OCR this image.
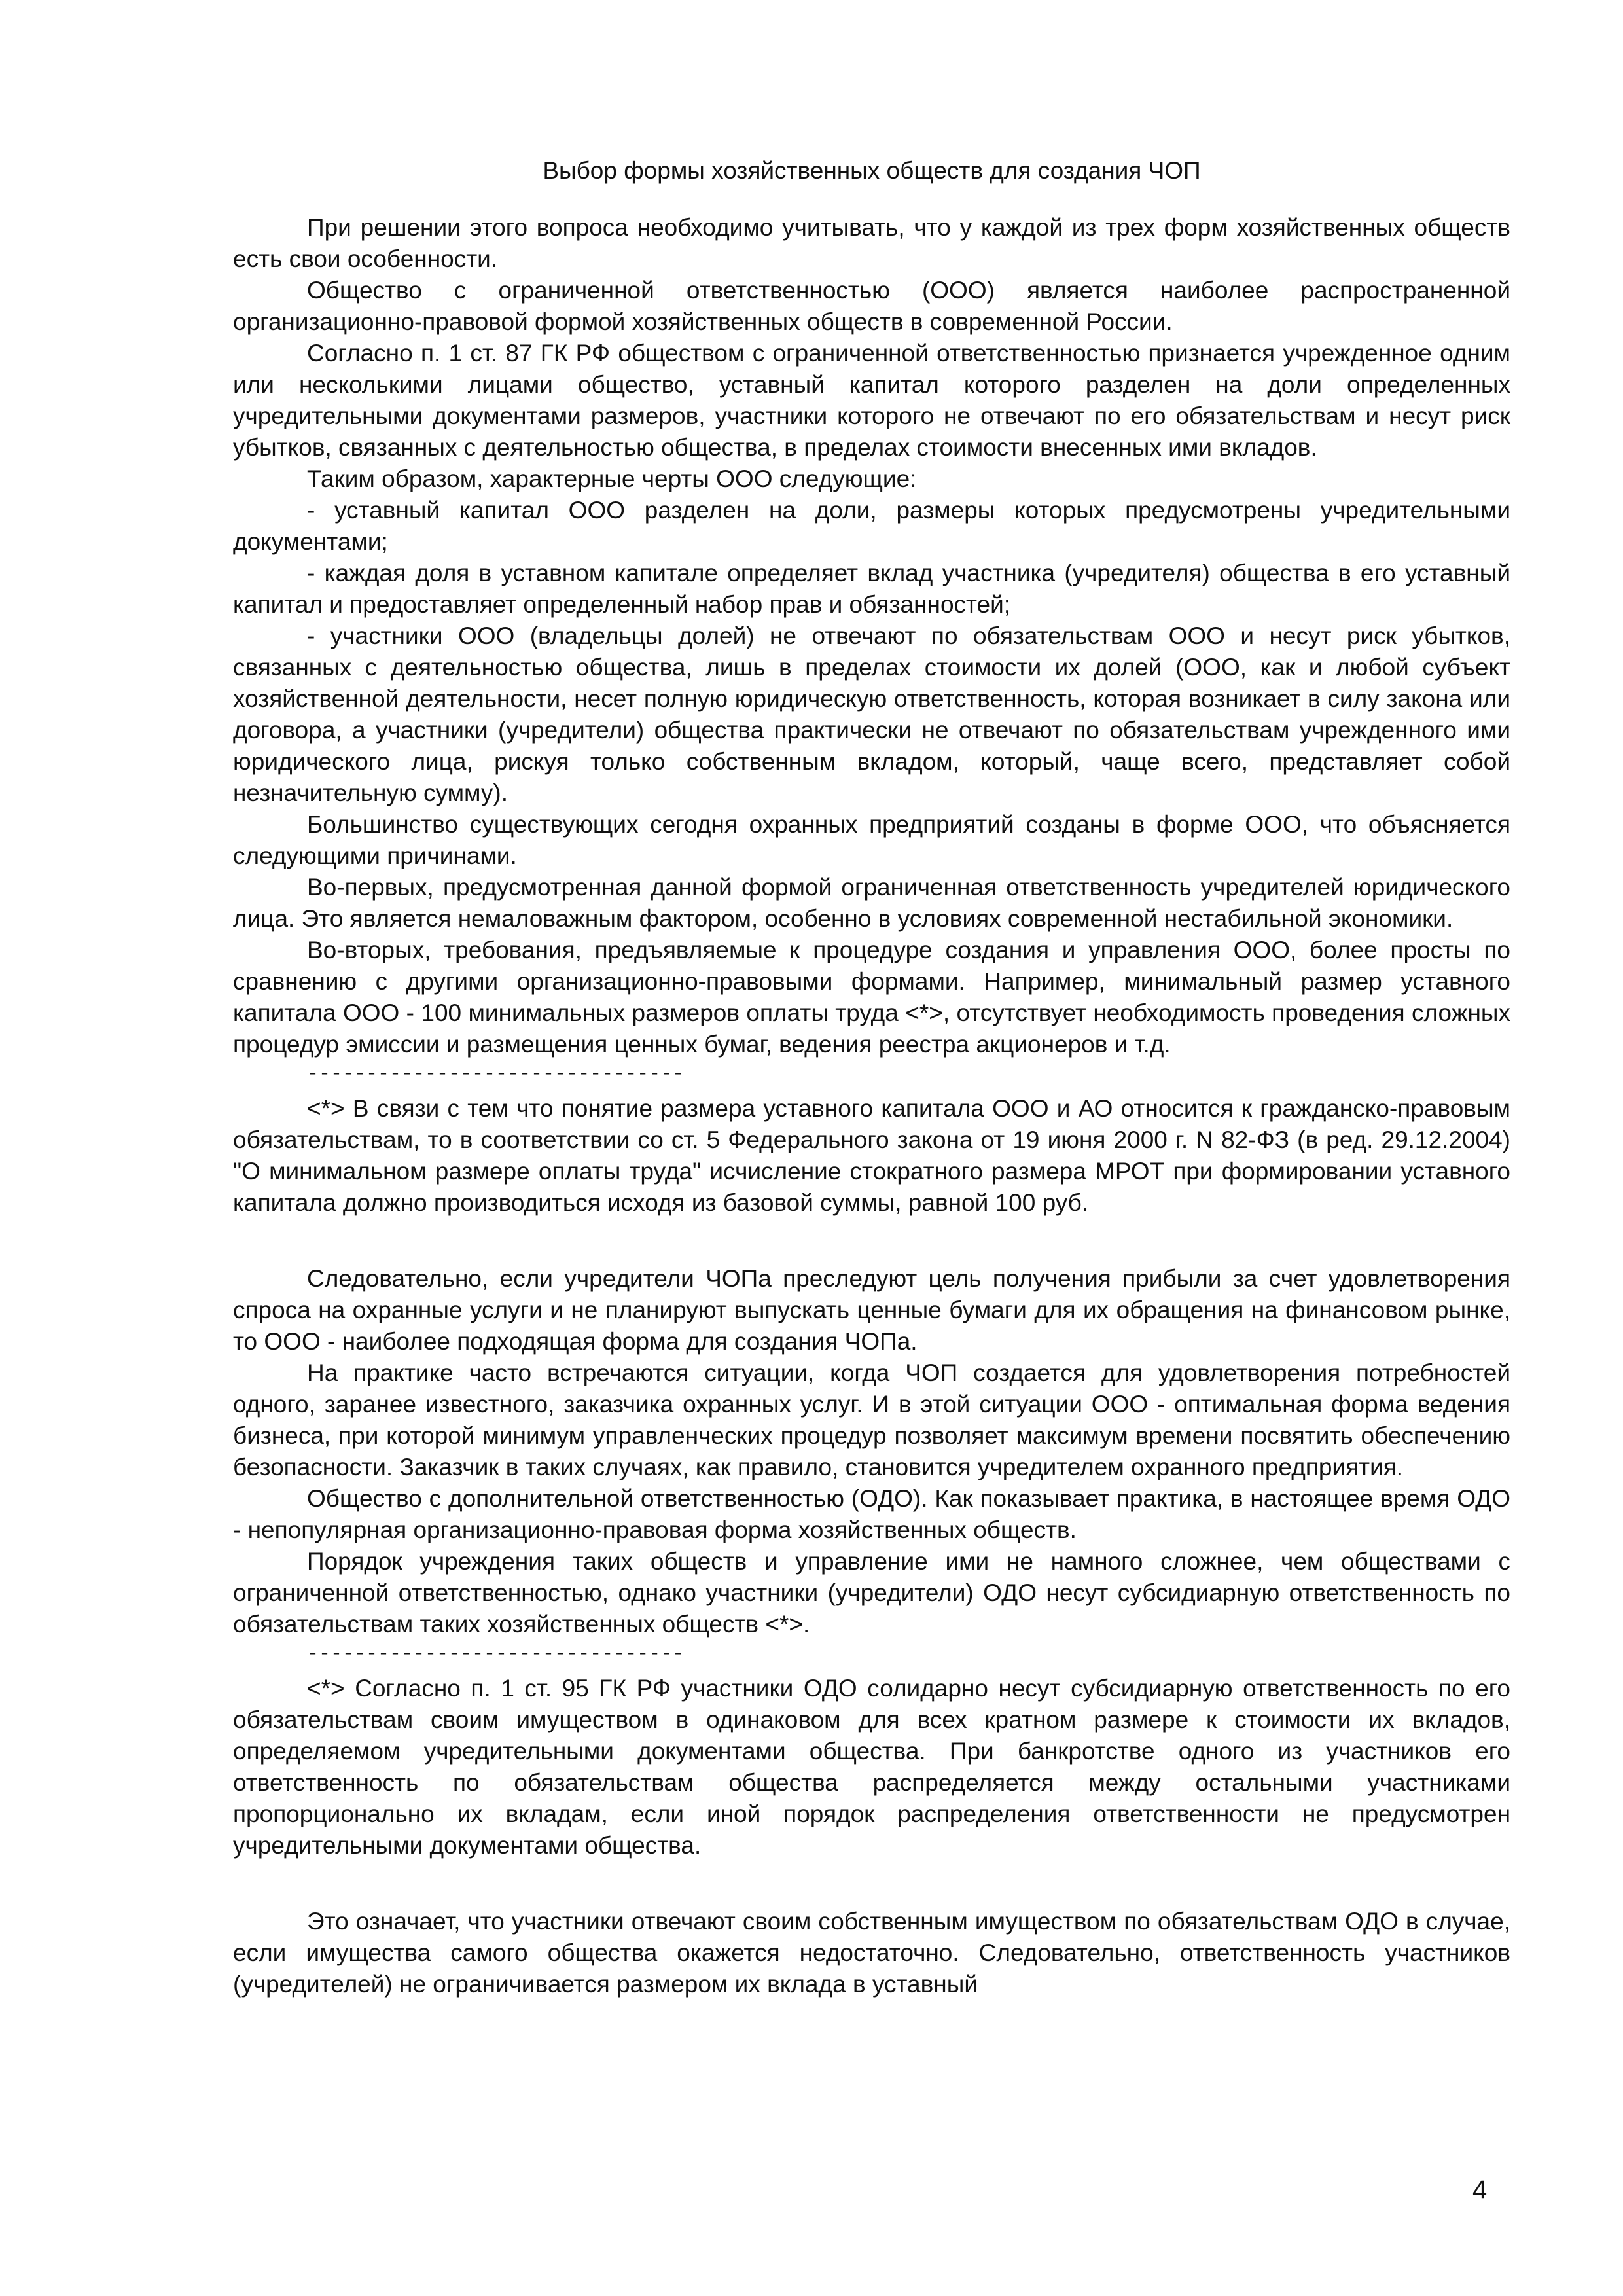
Выбор формы хозяйственных обществ для создания ЧОП

При решении этого вопроса необходимо учитывать, что у каждой из трех форм хозяйственных обществ есть свои особенности.

Общество с ограниченной ответственностью (ООО) является наиболее распространенной организационно-правовой формой хозяйственных обществ в современной России.

Согласно п. 1 ст. 87 ГК РФ обществом с ограниченной ответственностью признается учрежденное одним или несколькими лицами общество, уставный капитал которого разделен на доли определенных учредительными документами размеров, участники которого не отвечают по его обязательствам и несут риск убытков, связанных с деятельностью общества, в пределах стоимости внесенных ими вкладов.

Таким образом, характерные черты ООО следующие:

- уставный капитал ООО разделен на доли, размеры которых предусмотрены учредительными документами;

- каждая доля в уставном капитале определяет вклад участника (учредителя) общества в его уставный капитал и предоставляет определенный набор прав и обязанностей;

- участники ООО (владельцы долей) не отвечают по обязательствам ООО и несут риск убытков, связанных с деятельностью общества, лишь в пределах стоимости их долей (ООО, как и любой субъект хозяйственной деятельности, несет полную юридическую ответственность, которая возникает в силу закона или договора, а участники (учредители) общества практически не отвечают по обязательствам учрежденного ими юридического лица, рискуя только собственным вкладом, который, чаще всего, представляет собой незначительную сумму).

Большинство существующих сегодня охранных предприятий созданы в форме ООО, что объясняется следующими причинами.

Во-первых, предусмотренная данной формой ограниченная ответственность учредителей юридического лица. Это является немаловажным фактором, особенно в условиях современной нестабильной экономики.

Во-вторых, требования, предъявляемые к процедуре создания и управления ООО, более просты по сравнению с другими организационно-правовыми формами. Например, минимальный размер уставного капитала ООО - 100 минимальных размеров оплаты труда <*>, отсутствует необходимость проведения сложных процедур эмиссии и размещения ценных бумаг, ведения реестра акционеров и т.д.

--------------------------------

<*> В связи с тем что понятие размера уставного капитала ООО и АО относится к гражданско-правовым обязательствам, то в соответствии со ст. 5 Федерального закона от 19 июня 2000 г. N 82-ФЗ (в ред. 29.12.2004) "О минимальном размере оплаты труда" исчисление стократного размера МРОТ при формировании уставного капитала должно производиться исходя из базовой суммы, равной 100 руб.

Следовательно, если учредители ЧОПа преследуют цель получения прибыли за счет удовлетворения спроса на охранные услуги и не планируют выпускать ценные бумаги для их обращения на финансовом рынке, то ООО - наиболее подходящая форма для создания ЧОПа.

На практике часто встречаются ситуации, когда ЧОП создается для удовлетворения потребностей одного, заранее известного, заказчика охранных услуг. И в этой ситуации ООО - оптимальная форма ведения бизнеса, при которой минимум управленческих процедур позволяет максимум времени посвятить обеспечению безопасности. Заказчик в таких случаях, как правило, становится учредителем охранного предприятия.

Общество с дополнительной ответственностью (ОДО). Как показывает практика, в настоящее время ОДО - непопулярная организационно-правовая форма хозяйственных обществ.

Порядок учреждения таких обществ и управление ими не намного сложнее, чем обществами с ограниченной ответственностью, однако участники (учредители) ОДО несут субсидиарную ответственность по обязательствам таких хозяйственных обществ <*>.

--------------------------------

<*> Согласно п. 1 ст. 95 ГК РФ участники ОДО солидарно несут субсидиарную ответственность по его обязательствам своим имуществом в одинаковом для всех кратном размере к стоимости их вкладов, определяемом учредительными документами общества. При банкротстве одного из участников его ответственность по обязательствам общества распределяется между остальными участниками пропорционально их вкладам, если иной порядок распределения ответственности не предусмотрен учредительными документами общества.

Это означает, что участники отвечают своим собственным имуществом по обязательствам ОДО в случае, если имущества самого общества окажется недостаточно. Следовательно, ответственность участников (учредителей) не ограничивается размером их вклада в уставный

4
